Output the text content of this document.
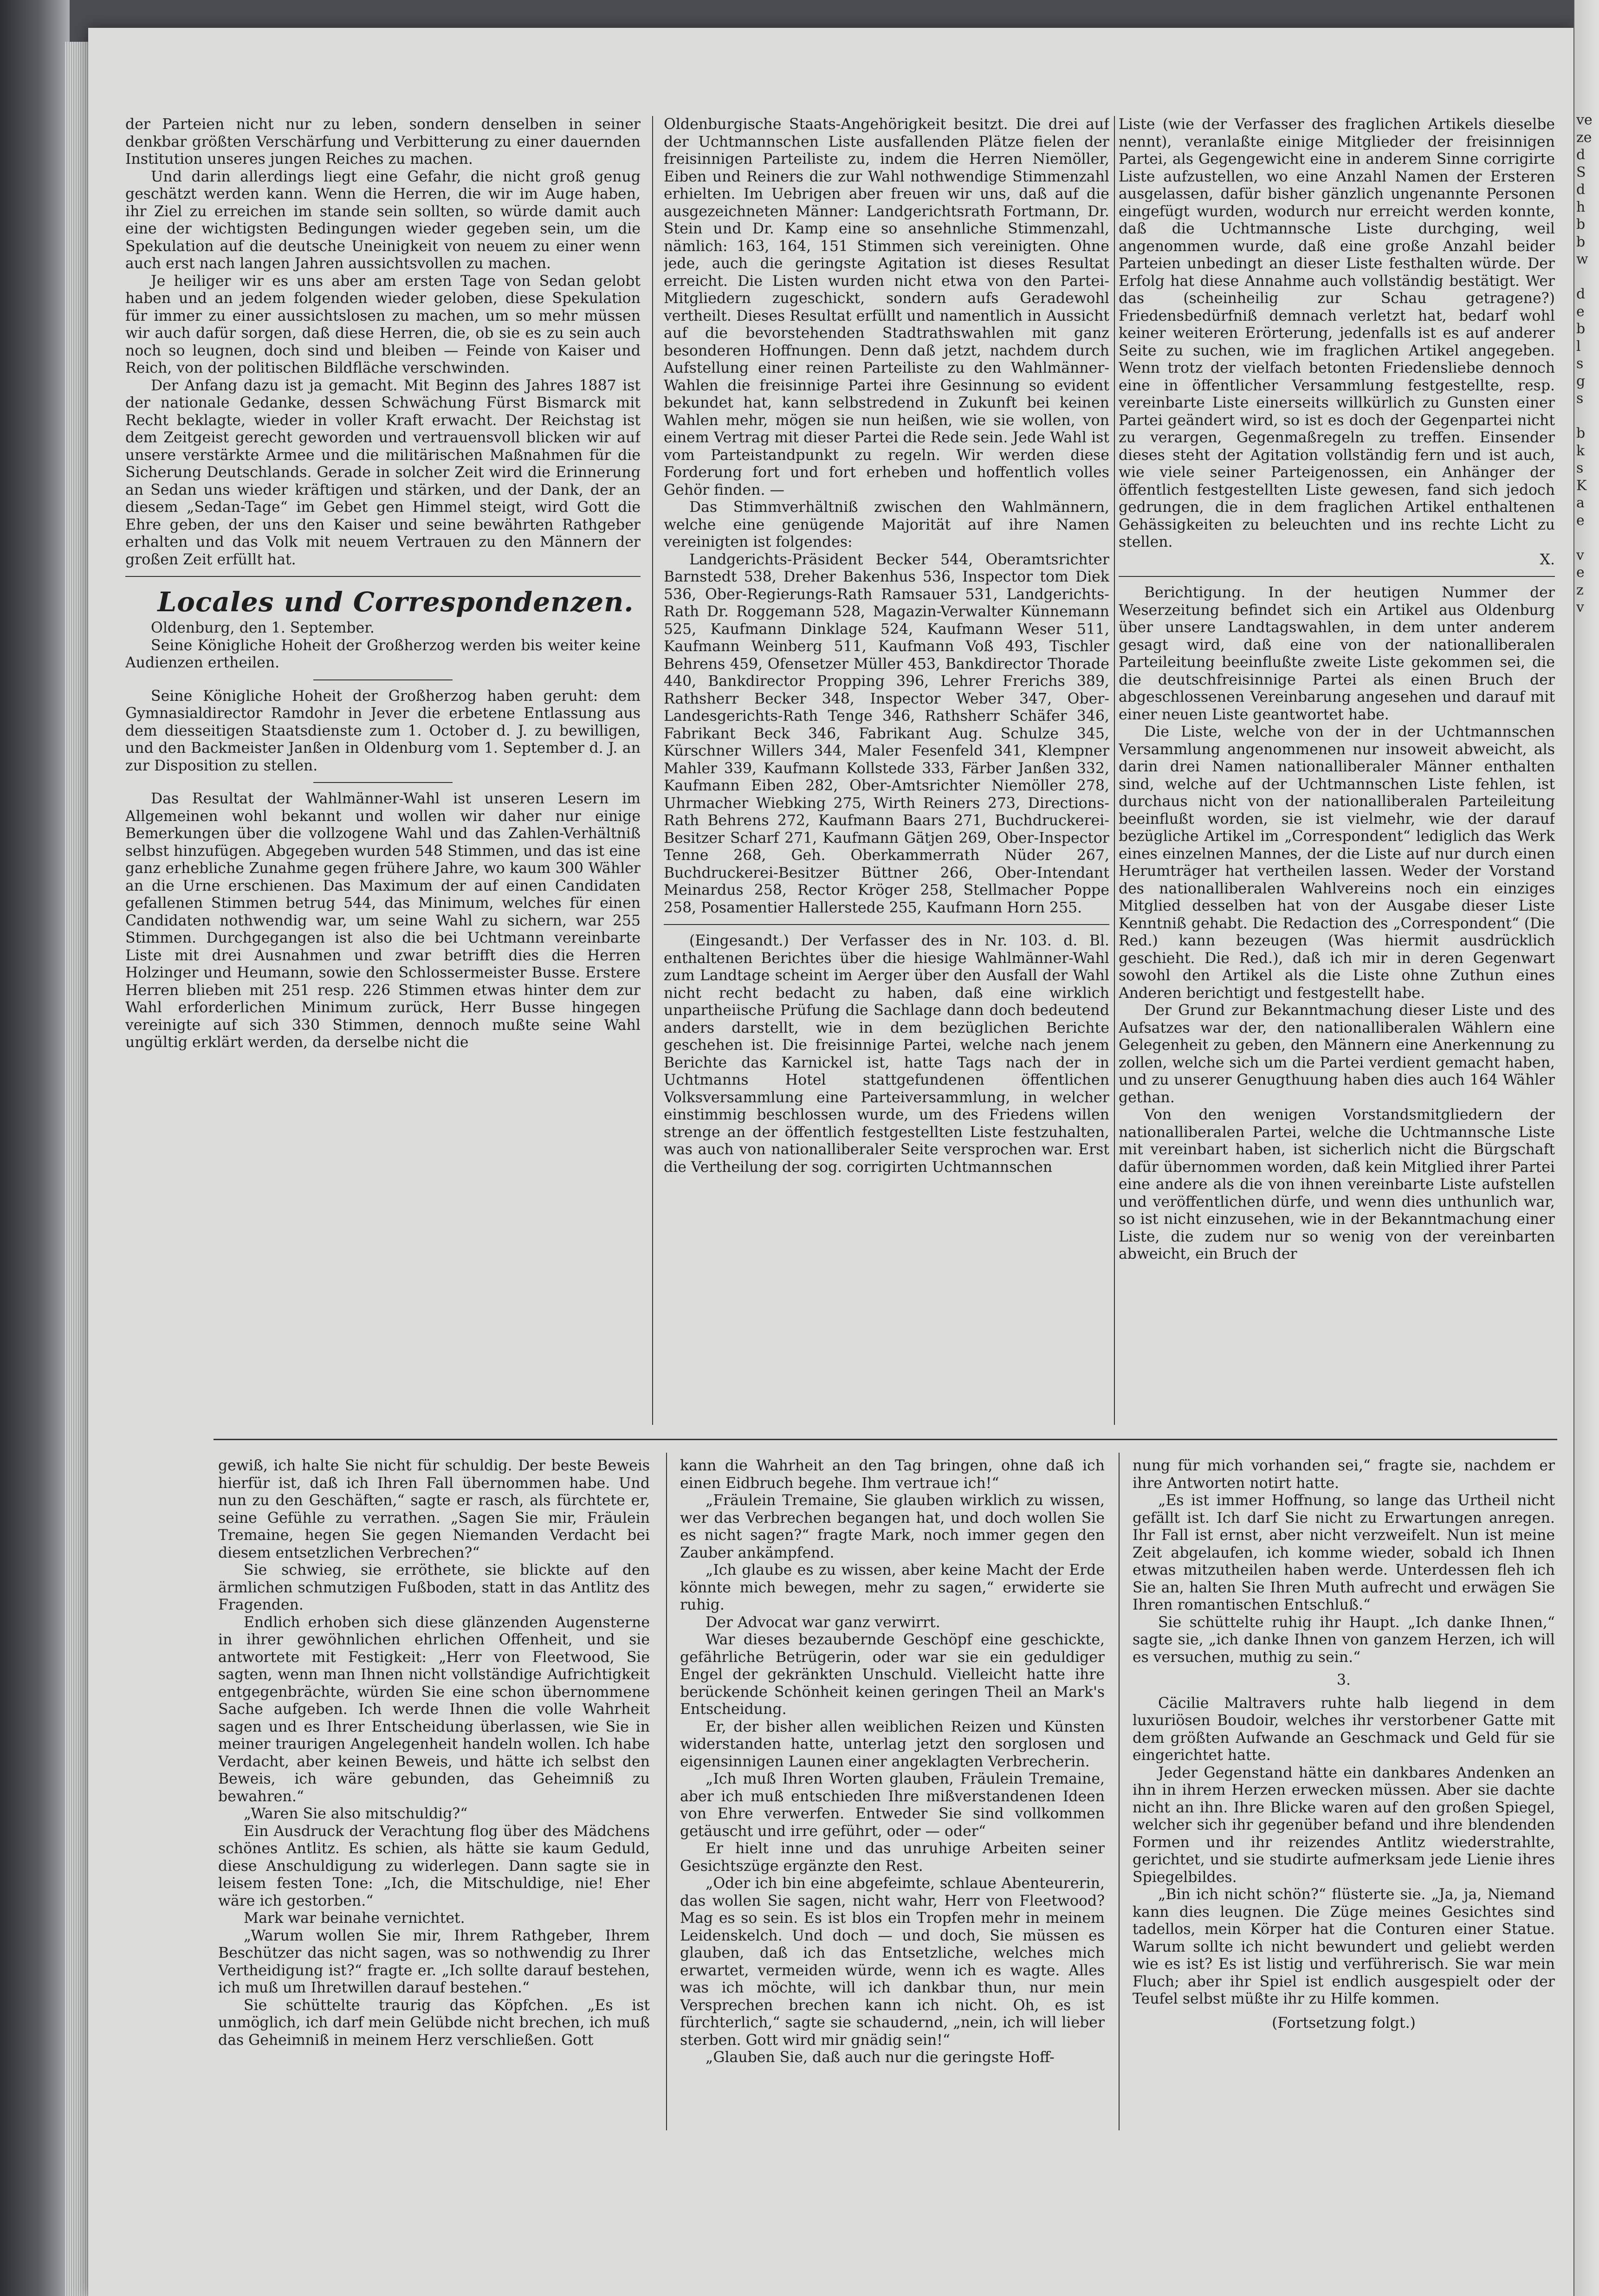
der Parteien nicht nur zu leben, sondern denselben in seiner denkbar größten Verschärfung und Verbitterung zu einer dauernden Institution unseres jungen Reiches zu machen.

Und darin allerdings liegt eine Gefahr, die nicht groß genug geschätzt werden kann. Wenn die Herren, die wir im Auge haben, ihr Ziel zu erreichen im stande sein sollten, so würde damit auch eine der wichtigsten Bedingungen wieder gegeben sein, um die Spekulation auf die deutsche Uneinigkeit von neuem zu einer wenn auch erst nach langen Jahren aussichtsvollen zu machen.

Je heiliger wir es uns aber am ersten Tage von Sedan gelobt haben und an jedem folgenden wieder geloben, diese Spekulation für immer zu einer aussichtslosen zu machen, um so mehr müssen wir auch dafür sorgen, daß diese Herren, die, ob sie es zu sein auch noch so leugnen, doch sind und bleiben — Feinde von Kaiser und Reich, von der politischen Bildfläche verschwinden.

Der Anfang dazu ist ja gemacht. Mit Beginn des Jahres 1887 ist der nationale Gedanke, dessen Schwächung Fürst Bismarck mit Recht beklagte, wieder in voller Kraft erwacht. Der Reichstag ist dem Zeitgeist gerecht geworden und vertrauensvoll blicken wir auf unsere verstärkte Armee und die militärischen Maßnahmen für die Sicherung Deutschlands. Gerade in solcher Zeit wird die Erinnerung an Sedan uns wieder kräftigen und stärken, und der Dank, der an diesem „Sedan-Tage“ im Gebet gen Himmel steigt, wird Gott die Ehre geben, der uns den Kaiser und seine bewährten Rathgeber erhalten und das Volk mit neuem Vertrauen zu den Männern der großen Zeit erfüllt hat.

Locales und Correspondenzen.

Oldenburg, den 1. September.

Seine Königliche Hoheit der Großherzog werden bis weiter keine Audienzen ertheilen.

Seine Königliche Hoheit der Großherzog haben geruht: dem Gymnasialdirector Ramdohr in Jever die erbetene Entlassung aus dem diesseitigen Staatsdienste zum 1. October d. J. zu bewilligen, und den Backmeister Janßen in Oldenburg vom 1. September d. J. an zur Disposition zu stellen.

Das Resultat der Wahlmänner-Wahl ist unseren Lesern im Allgemeinen wohl bekannt und wollen wir daher nur einige Bemerkungen über die vollzogene Wahl und das Zahlen-Verhältniß selbst hinzufügen. Abgegeben wurden 548 Stimmen, und das ist eine ganz erhebliche Zunahme gegen frühere Jahre, wo kaum 300 Wähler an die Urne erschienen. Das Maximum der auf einen Candidaten gefallenen Stimmen betrug 544, das Minimum, welches für einen Candidaten nothwendig war, um seine Wahl zu sichern, war 255 Stimmen. Durchgegangen ist also die bei Uchtmann vereinbarte Liste mit drei Ausnahmen und zwar betrifft dies die Herren Holzinger und Heumann, sowie den Schlossermeister Busse. Erstere Herren blieben mit 251 resp. 226 Stimmen etwas hinter dem zur Wahl erforderlichen Minimum zurück, Herr Busse hingegen vereinigte auf sich 330 Stimmen, dennoch mußte seine Wahl ungültig erklärt werden, da derselbe nicht die

Oldenburgische Staats-Angehörigkeit besitzt. Die drei auf der Uchtmannschen Liste ausfallenden Plätze fielen der freisinnigen Parteiliste zu, indem die Herren Niemöller, Eiben und Reiners die zur Wahl nothwendige Stimmenzahl erhielten. Im Uebrigen aber freuen wir uns, daß auf die ausgezeichneten Männer: Landgerichtsrath Fortmann, Dr. Stein und Dr. Kamp eine so ansehnliche Stimmenzahl, nämlich: 163, 164, 151 Stimmen sich vereinigten. Ohne jede, auch die geringste Agitation ist dieses Resultat erreicht. Die Listen wurden nicht etwa von den Partei-Mitgliedern zugeschickt, sondern aufs Geradewohl vertheilt. Dieses Resultat erfüllt und namentlich in Aussicht auf die bevorstehenden Stadtrathswahlen mit ganz besonderen Hoffnungen. Denn daß jetzt, nachdem durch Aufstellung einer reinen Parteiliste zu den Wahlmänner-Wahlen die freisinnige Partei ihre Gesinnung so evident bekundet hat, kann selbstredend in Zukunft bei keinen Wahlen mehr, mögen sie nun heißen, wie sie wollen, von einem Vertrag mit dieser Partei die Rede sein. Jede Wahl ist vom Parteistandpunkt zu regeln. Wir werden diese Forderung fort und fort erheben und hoffentlich volles Gehör finden. —

Das Stimmverhältniß zwischen den Wahlmännern, welche eine genügende Majorität auf ihre Namen vereinigten ist folgendes:

Landgerichts-Präsident Becker 544, Oberamtsrichter Barnstedt 538, Dreher Bakenhus 536, Inspector tom Diek 536, Ober-Regierungs-Rath Ramsauer 531, Landgerichts-Rath Dr. Roggemann 528, Magazin-Verwalter Künnemann 525, Kaufmann Dinklage 524, Kaufmann Weser 511, Kaufmann Weinberg 511, Kaufmann Voß 493, Tischler Behrens 459, Ofensetzer Müller 453, Bankdirector Thorade 440, Bankdirector Propping 396, Lehrer Frerichs 389, Rathsherr Becker 348, Inspector Weber 347, Ober-Landesgerichts-Rath Tenge 346, Rathsherr Schäfer 346, Fabrikant Beck 346, Fabrikant Aug. Schulze 345, Kürschner Willers 344, Maler Fesenfeld 341, Klempner Mahler 339, Kaufmann Kollstede 333, Färber Janßen 332, Kaufmann Eiben 282, Ober-Amtsrichter Niemöller 278, Uhrmacher Wiebking 275, Wirth Reiners 273, Directions-Rath Behrens 272, Kaufmann Baars 271, Buchdruckerei-Besitzer Scharf 271, Kaufmann Gätjen 269, Ober-Inspector Tenne 268, Geh. Oberkammerrath Nüder 267, Buchdruckerei-Besitzer Büttner 266, Ober-Intendant Meinardus 258, Rector Kröger 258, Stellmacher Poppe 258, Posamentier Hallerstede 255, Kaufmann Horn 255.

(Eingesandt.) Der Verfasser des in Nr. 103. d. Bl. enthaltenen Berichtes über die hiesige Wahlmänner-Wahl zum Landtage scheint im Aerger über den Ausfall der Wahl nicht recht bedacht zu haben, daß eine wirklich unpartheiische Prüfung die Sachlage dann doch bedeutend anders darstellt, wie in dem bezüglichen Berichte geschehen ist. Die freisinnige Partei, welche nach jenem Berichte das Karnickel ist, hatte Tags nach der in Uchtmanns Hotel stattgefundenen öffentlichen Volksversammlung eine Parteiversammlung, in welcher einstimmig beschlossen wurde, um des Friedens willen strenge an der öffentlich festgestellten Liste festzuhalten, was auch von nationalliberaler Seite versprochen war. Erst die Vertheilung der sog. corrigirten Uchtmannschen

Liste (wie der Verfasser des fraglichen Artikels dieselbe nennt), veranlaßte einige Mitglieder der freisinnigen Partei, als Gegengewicht eine in anderem Sinne corrigirte Liste aufzustellen, wo eine Anzahl Namen der Ersteren ausgelassen, dafür bisher gänzlich ungenannte Personen eingefügt wurden, wodurch nur erreicht werden konnte, daß die Uchtmannsche Liste durchging, weil angenommen wurde, daß eine große Anzahl beider Parteien unbedingt an dieser Liste festhalten würde. Der Erfolg hat diese Annahme auch vollständig bestätigt. Wer das (scheinheilig zur Schau getragene?) Friedensbedürfniß demnach verletzt hat, bedarf wohl keiner weiteren Erörterung, jedenfalls ist es auf anderer Seite zu suchen, wie im fraglichen Artikel angegeben. Wenn trotz der vielfach betonten Friedensliebe dennoch eine in öffentlicher Versammlung festgestellte, resp. vereinbarte Liste einerseits willkürlich zu Gunsten einer Partei geändert wird, so ist es doch der Gegenpartei nicht zu verargen, Gegenmaßregeln zu treffen. Einsender dieses steht der Agitation vollständig fern und ist auch, wie viele seiner Parteigenossen, ein Anhänger der öffentlich festgestellten Liste gewesen, fand sich jedoch gedrungen, die in dem fraglichen Artikel enthaltenen Gehässigkeiten zu beleuchten und ins rechte Licht zu stellen.

X.

Berichtigung. In der heutigen Nummer der Weserzeitung befindet sich ein Artikel aus Oldenburg über unsere Landtagswahlen, in dem unter anderem gesagt wird, daß eine von der nationalliberalen Parteileitung beeinflußte zweite Liste gekommen sei, die die deutschfreisinnige Partei als einen Bruch der abgeschlossenen Vereinbarung angesehen und darauf mit einer neuen Liste geantwortet habe.

Die Liste, welche von der in der Uchtmannschen Versammlung angenommenen nur insoweit abweicht, als darin drei Namen nationalliberaler Männer enthalten sind, welche auf der Uchtmannschen Liste fehlen, ist durchaus nicht von der nationalliberalen Parteileitung beeinflußt worden, sie ist vielmehr, wie der darauf bezügliche Artikel im „Correspondent“ lediglich das Werk eines einzelnen Mannes, der die Liste auf nur durch einen Herumträger hat vertheilen lassen. Weder der Vorstand des nationalliberalen Wahlvereins noch ein einziges Mitglied desselben hat von der Ausgabe dieser Liste Kenntniß gehabt. Die Redaction des „Correspondent“ (Die Red.) kann bezeugen (Was hiermit ausdrücklich geschieht. Die Red.), daß ich mir in deren Gegenwart sowohl den Artikel als die Liste ohne Zuthun eines Anderen berichtigt und festgestellt habe.

Der Grund zur Bekanntmachung dieser Liste und des Aufsatzes war der, den nationalliberalen Wählern eine Gelegenheit zu geben, den Männern eine Anerkennung zu zollen, welche sich um die Partei verdient gemacht haben, und zu unserer Genugthuung haben dies auch 164 Wähler gethan.

Von den wenigen Vorstandsmitgliedern der nationalliberalen Partei, welche die Uchtmannsche Liste mit vereinbart haben, ist sicherlich nicht die Bürgschaft dafür übernommen worden, daß kein Mitglied ihrer Partei eine andere als die von ihnen vereinbarte Liste aufstellen und veröffentlichen dürfe, und wenn dies unthunlich war, so ist nicht einzusehen, wie in der Bekanntmachung einer Liste, die zudem nur so wenig von der vereinbarten abweicht, ein Bruch der

gewiß, ich halte Sie nicht für schuldig. Der beste Beweis hierfür ist, daß ich Ihren Fall übernommen habe. Und nun zu den Geschäften,“ sagte er rasch, als fürchtete er, seine Gefühle zu verrathen. „Sagen Sie mir, Fräulein Tremaine, hegen Sie gegen Niemanden Verdacht bei diesem entsetzlichen Verbrechen?“

Sie schwieg, sie erröthete, sie blickte auf den ärmlichen schmutzigen Fußboden, statt in das Antlitz des Fragenden.

Endlich erhoben sich diese glänzenden Augensterne in ihrer gewöhnlichen ehrlichen Offenheit, und sie antwortete mit Festigkeit: „Herr von Fleetwood, Sie sagten, wenn man Ihnen nicht vollständige Aufrichtigkeit entgegenbrächte, würden Sie eine schon übernommene Sache aufgeben. Ich werde Ihnen die volle Wahrheit sagen und es Ihrer Entscheidung überlassen, wie Sie in meiner traurigen Angelegenheit handeln wollen. Ich habe Verdacht, aber keinen Beweis, und hätte ich selbst den Beweis, ich wäre gebunden, das Geheimniß zu bewahren.“

„Waren Sie also mitschuldig?“

Ein Ausdruck der Verachtung flog über des Mädchens schönes Antlitz. Es schien, als hätte sie kaum Geduld, diese Anschuldigung zu widerlegen. Dann sagte sie in leisem festen Tone: „Ich, die Mitschuldige, nie! Eher wäre ich gestorben.“

Mark war beinahe vernichtet.

„Warum wollen Sie mir, Ihrem Rathgeber, Ihrem Beschützer das nicht sagen, was so nothwendig zu Ihrer Vertheidigung ist?“ fragte er. „Ich sollte darauf bestehen, ich muß um Ihretwillen darauf bestehen.“

Sie schüttelte traurig das Köpfchen. „Es ist unmöglich, ich darf mein Gelübde nicht brechen, ich muß das Geheimniß in meinem Herz verschließen. Gott

kann die Wahrheit an den Tag bringen, ohne daß ich einen Eidbruch begehe. Ihm vertraue ich!“

„Fräulein Tremaine, Sie glauben wirklich zu wissen, wer das Verbrechen begangen hat, und doch wollen Sie es nicht sagen?“ fragte Mark, noch immer gegen den Zauber ankämpfend.

„Ich glaube es zu wissen, aber keine Macht der Erde könnte mich bewegen, mehr zu sagen,“ erwiderte sie ruhig.

Der Advocat war ganz verwirrt.

War dieses bezaubernde Geschöpf eine geschickte, gefährliche Betrügerin, oder war sie ein geduldiger Engel der gekränkten Unschuld. Vielleicht hatte ihre berückende Schönheit keinen geringen Theil an Mark's Entscheidung.

Er, der bisher allen weiblichen Reizen und Künsten widerstanden hatte, unterlag jetzt den sorglosen und eigensinnigen Launen einer angeklagten Verbrecherin.

„Ich muß Ihren Worten glauben, Fräulein Tremaine, aber ich muß entschieden Ihre mißverstandenen Ideen von Ehre verwerfen. Entweder Sie sind vollkommen getäuscht und irre geführt, oder — oder“

Er hielt inne und das unruhige Arbeiten seiner Gesichtszüge ergänzte den Rest.

„Oder ich bin eine abgefeimte, schlaue Abenteurerin, das wollen Sie sagen, nicht wahr, Herr von Fleetwood? Mag es so sein. Es ist blos ein Tropfen mehr in meinem Leidenskelch. Und doch — und doch, Sie müssen es glauben, daß ich das Entsetzliche, welches mich erwartet, vermeiden würde, wenn ich es wagte. Alles was ich möchte, will ich dankbar thun, nur mein Versprechen brechen kann ich nicht. Oh, es ist fürchterlich,“ sagte sie schaudernd, „nein, ich will lieber sterben. Gott wird mir gnädig sein!“

„Glauben Sie, daß auch nur die geringste Hoff-

nung für mich vorhanden sei,“ fragte sie, nachdem er ihre Antworten notirt hatte.

„Es ist immer Hoffnung, so lange das Urtheil nicht gefällt ist. Ich darf Sie nicht zu Erwartungen anregen. Ihr Fall ist ernst, aber nicht verzweifelt. Nun ist meine Zeit abgelaufen, ich komme wieder, sobald ich Ihnen etwas mitzutheilen haben werde. Unterdessen fleh ich Sie an, halten Sie Ihren Muth aufrecht und erwägen Sie Ihren romantischen Entschluß.“

Sie schüttelte ruhig ihr Haupt. „Ich danke Ihnen,“ sagte sie, „ich danke Ihnen von ganzem Herzen, ich will es versuchen, muthig zu sein.“

3.

Cäcilie Maltravers ruhte halb liegend in dem luxuriösen Boudoir, welches ihr verstorbener Gatte mit dem größten Aufwande an Geschmack und Geld für sie eingerichtet hatte.

Jeder Gegenstand hätte ein dankbares Andenken an ihn in ihrem Herzen erwecken müssen. Aber sie dachte nicht an ihn. Ihre Blicke waren auf den großen Spiegel, welcher sich ihr gegenüber befand und ihre blendenden Formen und ihr reizendes Antlitz wiederstrahlte, gerichtet, und sie studirte aufmerksam jede Lienie ihres Spiegelbildes.

„Bin ich nicht schön?“ flüsterte sie. „Ja, ja, Niemand kann dies leugnen. Die Züge meines Gesichtes sind tadellos, mein Körper hat die Conturen einer Statue. Warum sollte ich nicht bewundert und geliebt werden wie es ist? Es ist listig und verführerisch. Sie war mein Fluch; aber ihr Spiel ist endlich ausgespielt oder der Teufel selbst müßte ihr zu Hilfe kommen.

(Fortsetzung folgt.)

ve
ze
d
S
d
h
b
b
w

d
e
b
l
s
g
s

b
k
s
K
a
e

v
e
z
v
